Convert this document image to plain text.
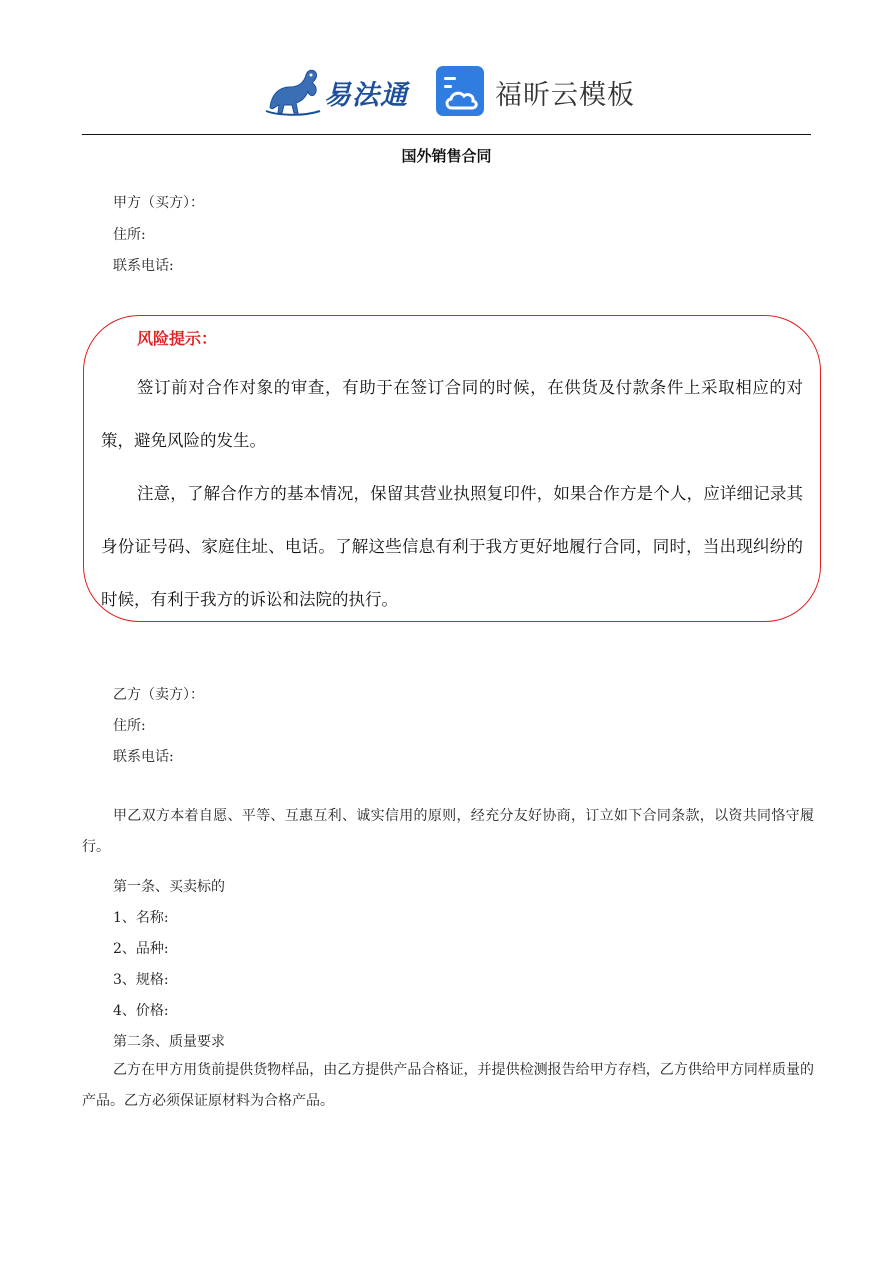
易法通	福昕云模板
国外销售合同
甲方（买方）：
住所:
联系电话:
风险提示：
签订前对合作对象的审查，有助于在签订合同的时候，在供货及付款条件上采取相应的对策，避免风险的发生。
注意，了解合作方的基本情况，保留其营业执照复印件，如果合作方是个人，应详细记录其身份证号码、家庭住址、电话。了解这些信息有利于我方更好地履行合同，同时，当出现纠纷的时候，有利于我方的诉讼和法院的执行。
乙方（卖方）：
住所:
联系电话:
甲乙双方本着自愿、平等、互惠互利、诚实信用的原则，经充分友好协商，订立如下合同条款，以资共同恪守履行。
第一条、买卖标的
1、名称:
2、品种:
3、规格:
4、价格:
第二条、质量要求
乙方在甲方用货前提供货物样品，由乙方提供产品合格证，并提供检测报告给甲方存档，乙方供给甲方同样质量的产品。乙方必须保证原材料为合格产品。
